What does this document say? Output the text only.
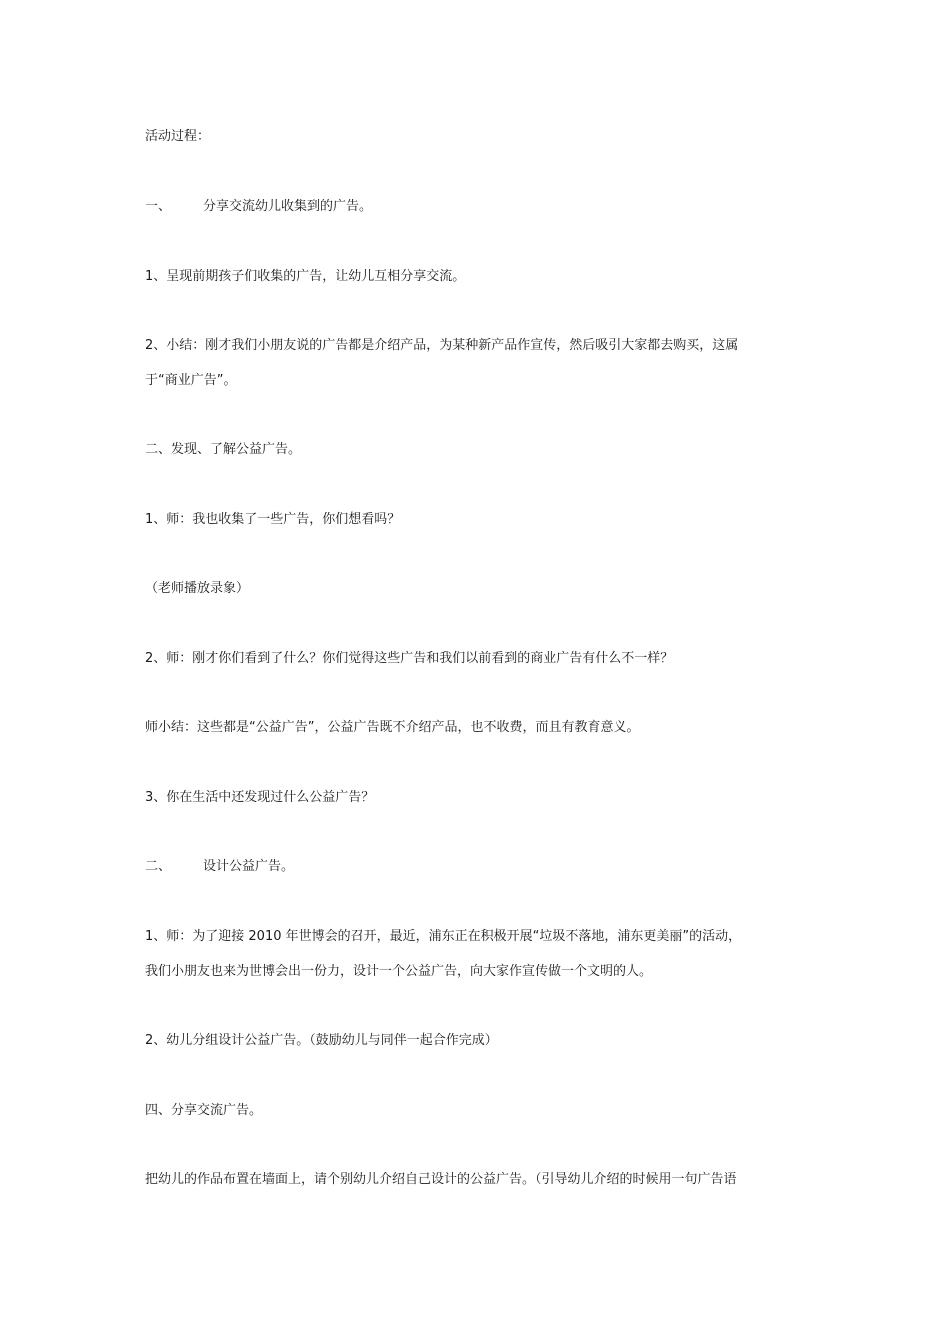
活动过程：
一、 分享交流幼儿收集到的广告。
1、呈现前期孩子们收集的广告，让幼儿互相分享交流。
2、小结：刚才我们小朋友说的广告都是介绍产品，为某种新产品作宣传，然后吸引大家都去购买，这属
于“商业广告”。
二、发现、了解公益广告。
1、师：我也收集了一些广告，你们想看吗？
（老师播放录象）
2、师：刚才你们看到了什么？你们觉得这些广告和我们以前看到的商业广告有什么不一样？
师小结：这些都是“公益广告”，公益广告既不介绍产品，也不收费，而且有教育意义。
3、你在生活中还发现过什么公益广告？
二、 设计公益广告。
1、师：为了迎接 2010 年世博会的召开，最近，浦东正在积极开展“垃圾不落地，浦东更美丽”的活动，
我们小朋友也来为世博会出一份力，设计一个公益广告，向大家作宣传做一个文明的人。
2、幼儿分组设计公益广告。（鼓励幼儿与同伴一起合作完成）
四、分享交流广告。
把幼儿的作品布置在墙面上，请个别幼儿介绍自己设计的公益广告。（引导幼儿介绍的时候用一句广告语
